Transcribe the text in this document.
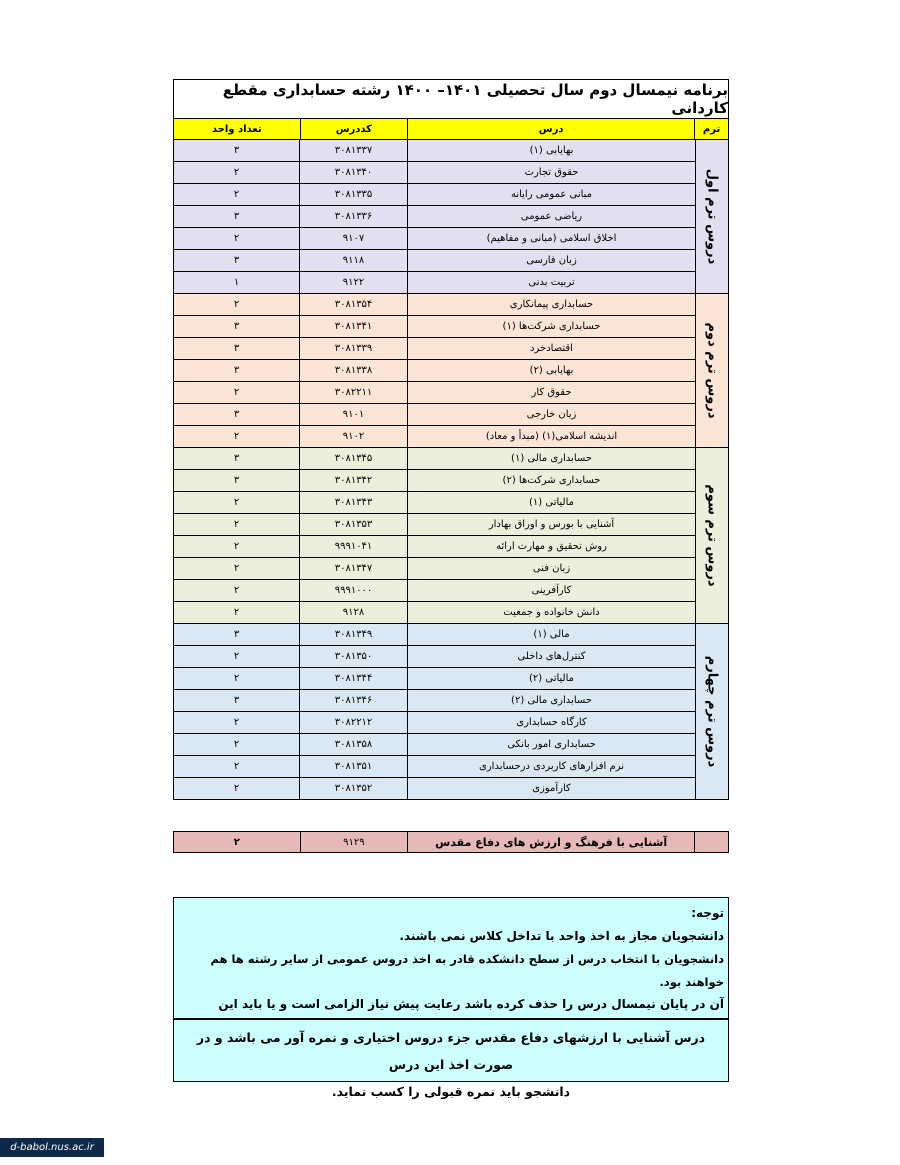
برنامه نیمسال دوم سال تحصیلی ۱۴۰۱– ۱۴۰۰ رشته حسابداری مقطع کاردانی
ترم
درس
کددرس
تعداد واحد
بهایابی (۱)
۳۰۸۱۳۳۷
۳
حقوق تجارت
۳۰۸۱۳۴۰
۲
مبانی عمومی رایانه
۳۰۸۱۳۳۵
۲
ریاضی عمومی
۳۰۸۱۳۳۶
۳
اخلاق اسلامی (مبانی و مفاهیم)
۹۱۰۷
۲
زبان فارسی
۹۱۱۸
۳
تربیت بدنی
۹۱۲۲
۱
دروس ترم اول
حسابداری پیمانکاری
۳۰۸۱۳۵۴
۲
حسابداری شرکت‌ها (۱)
۳۰۸۱۳۴۱
۳
اقتصادخرد
۳۰۸۱۳۳۹
۳
بهایابی (۲)
۳۰۸۱۳۳۸
۳
حقوق کار
۳۰۸۲۲۱۱
۲
زبان خارجی
۹۱۰۱
۳
اندیشه اسلامی(۱) (مبدأ و معاد)
۹۱۰۲
۲
دروس ترم دوم
حسابداری مالی (۱)
۳۰۸۱۳۴۵
۳
حسابداری شرکت‌ها (۲)
۳۰۸۱۳۴۲
۳
مالیاتی (۱)
۳۰۸۱۳۴۳
۲
آشنایی با بورس و اوراق بهادار
۳۰۸۱۳۵۳
۲
روش تحقیق و مهارت ارائه
۹۹۹۱۰۴۱
۲
زبان فنی
۳۰۸۱۳۴۷
۲
کارآفرینی
۹۹۹۱۰۰۰
۲
دانش خانواده و جمعیت
۹۱۲۸
۲
دروس ترم سوم
مالی (۱)
۳۰۸۱۳۴۹
۳
کنترل‌های داخلی
۳۰۸۱۳۵۰
۲
مالیاتی (۲)
۳۰۸۱۳۴۴
۲
حسابداری مالی (۲)
۳۰۸۱۳۴۶
۳
کارگاه حسابداری
۳۰۸۲۲۱۲
۲
حسابداری امور بانکی
۳۰۸۱۳۵۸
۲
نرم افزارهای کاربردی درحسابداری
۳۰۸۱۳۵۱
۲
کارآموزی
۳۰۸۱۳۵۲
۲
دروس ترم چهارم
آشنایی با فرهنگ و ارزش های دفاع مقدس
۹۱۲۹
۲

توجه:

دانشجویان مجاز به اخذ واحد با تداخل کلاس نمی باشند.

دانشجویان با انتخاب درس از سطح دانشکده قادر به اخذ دروس عمومی از سایر رشته ها هم خواهند بود.

آن در پایان نیمسال درس را حذف کرده باشد رعایت پیش نیاز الزامی است و یا باید این

درس آشنایی با ارزشهای دفاع مقدس جزء دروس اختیاری و نمره آور می باشد و در صورت اخذ این درس

دانشجو باید نمره قبولی را کسب نماید.

d-babol.nus.ac.ir
